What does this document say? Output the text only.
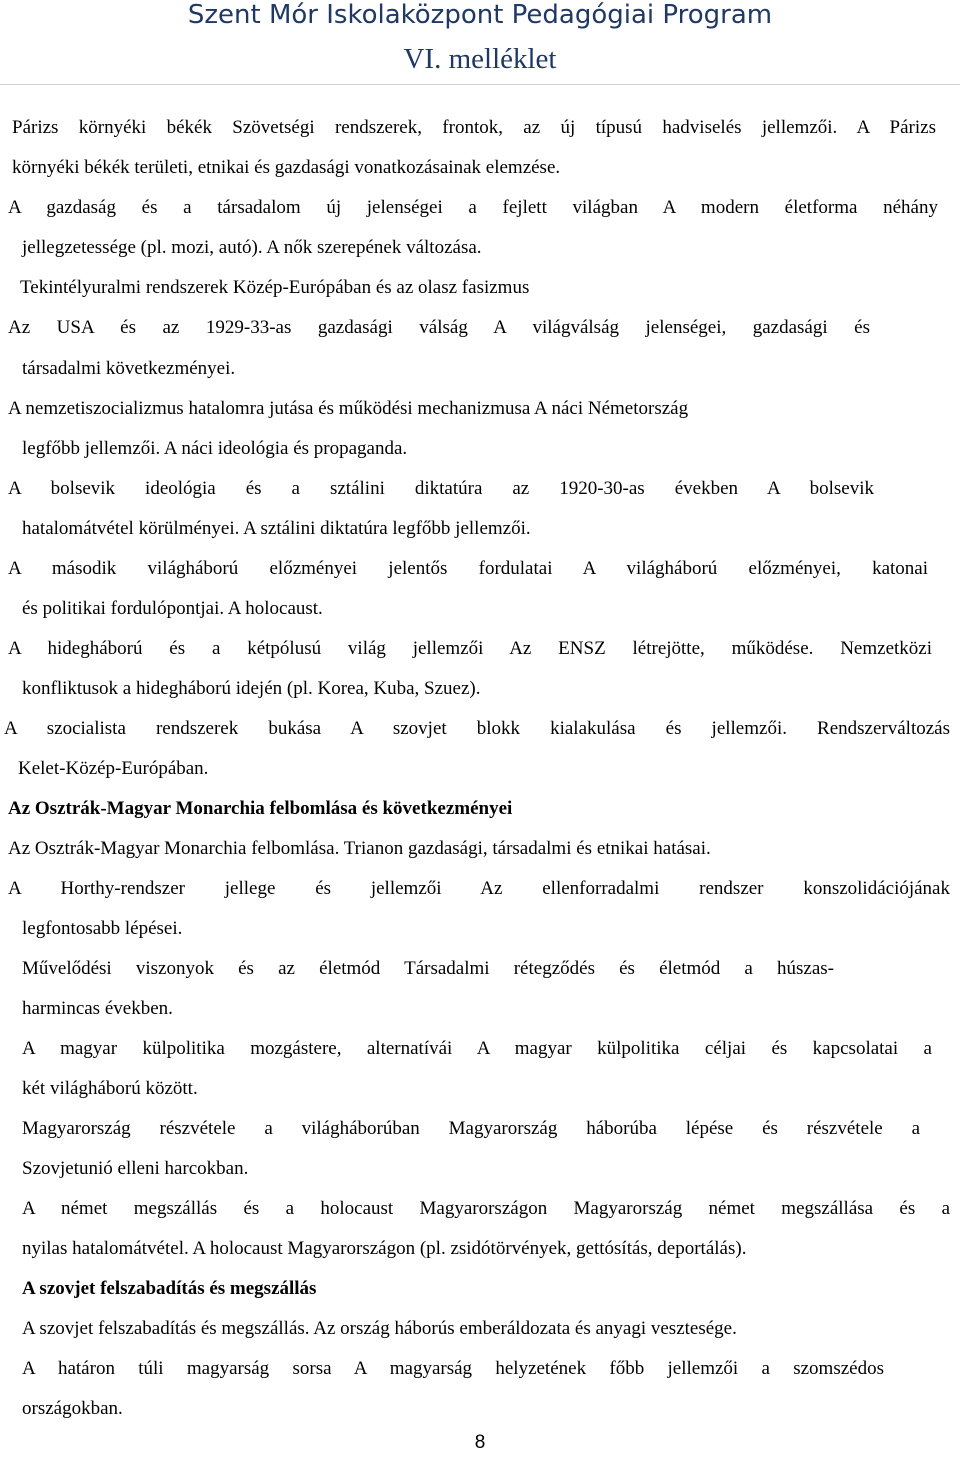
Szent Mór Iskolaközpont Pedagógiai Program
VI. melléklet
Párizs környéki békék Szövetségi rendszerek, frontok, az új típusú hadviselés jellemzői. A Párizs
környéki békék területi, etnikai és gazdasági vonatkozásainak elemzése.
A gazdaság és a társadalom új jelenségei a fejlett világban A modern életforma néhány
jellegzetessége (pl. mozi, autó). A nők szerepének változása.
Tekintélyuralmi rendszerek Közép-Európában és az olasz fasizmus
Az USA és az 1929-33-as gazdasági válság A világválság jelenségei, gazdasági és
társadalmi következményei.
A nemzetiszocializmus hatalomra jutása és működési mechanizmusa A náci Németország
legfőbb jellemzői. A náci ideológia és propaganda.
A bolsevik ideológia és a sztálini diktatúra az 1920-30-as években A bolsevik
hatalomátvétel körülményei. A sztálini diktatúra legfőbb jellemzői.
A második világháború előzményei jelentős fordulatai A világháború előzményei, katonai
és politikai fordulópontjai. A holocaust.
A hidegháború és a kétpólusú világ jellemzői Az ENSZ létrejötte, működése. Nemzetközi
konfliktusok a hidegháború idején (pl. Korea, Kuba, Szuez).
A szocialista rendszerek bukása A szovjet blokk kialakulása és jellemzői. Rendszerváltozás
Kelet-Közép-Európában.
Az Osztrák-Magyar Monarchia felbomlása és következményei
Az Osztrák-Magyar Monarchia felbomlása. Trianon gazdasági, társadalmi és etnikai hatásai.
A Horthy-rendszer jellege és jellemzői Az ellenforradalmi rendszer konszolidációjának
legfontosabb lépései.
Művelődési viszonyok és az életmód Társadalmi rétegződés és életmód a húszas-
harmincas években.
A magyar külpolitika mozgástere, alternatívái A magyar külpolitika céljai és kapcsolatai a
két világháború között.
Magyarország részvétele a világháborúban Magyarország háborúba lépése és részvétele a
Szovjetunió elleni harcokban.
A német megszállás és a holocaust Magyarországon Magyarország német megszállása és a
nyilas hatalomátvétel. A holocaust Magyarországon (pl. zsidótörvények, gettósítás, deportálás).
A szovjet felszabadítás és megszállás
A szovjet felszabadítás és megszállás. Az ország háborús emberáldozata és anyagi vesztesége.
A határon túli magyarság sorsa A magyarság helyzetének főbb jellemzői a szomszédos
országokban.
8
